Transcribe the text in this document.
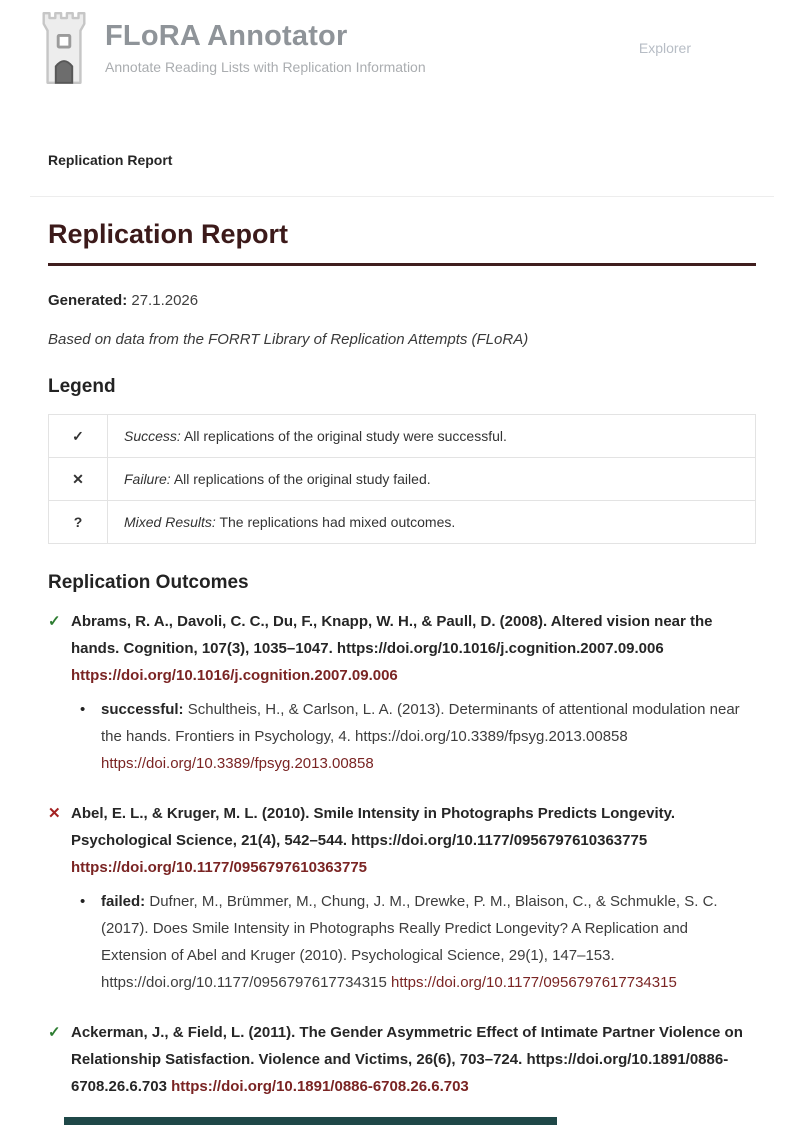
FLoRA Annotator
Annotate Reading Lists with Replication Information
Explorer
Replication Report
Replication Report

Generated: 27.1.2026

Based on data from the FORRT Library of Replication Attempts (FLoRA)

Legend
✓	Success: All replications of the original study were successful.
✕	Failure: All replications of the original study failed.
?	Mixed Results: The replications had mixed outcomes.
Replication Outcomes
✓ Abrams, R. A., Davoli, C. C., Du, F., Knapp, W. H., & Paull, D. (2008). Altered vision near the hands. Cognition, 107(3), 1035–1047. https://doi.org/10.1016/j.cognition.2007.09.006 https://doi.org/10.1016/j.cognition.2007.09.006

• successful: Schultheis, H., & Carlson, L. A. (2013). Determinants of attentional modulation near the hands. Frontiers in Psychology, 4. https://doi.org/10.3389/fpsyg.2013.00858 https://doi.org/10.3389/fpsyg.2013.00858
✕ Abel, E. L., & Kruger, M. L. (2010). Smile Intensity in Photographs Predicts Longevity. Psychological Science, 21(4), 542–544. https://doi.org/10.1177/0956797610363775 https://doi.org/10.1177/0956797610363775

• failed: Dufner, M., Brümmer, M., Chung, J. M., Drewke, P. M., Blaison, C., & Schmukle, S. C. (2017). Does Smile Intensity in Photographs Really Predict Longevity? A Replication and Extension of Abel and Kruger (2010). Psychological Science, 29(1), 147–153. https://doi.org/10.1177/0956797617734315 https://doi.org/10.1177/0956797617734315
✓ Ackerman, J., & Field, L. (2011). The Gender Asymmetric Effect of Intimate Partner Violence on Relationship Satisfaction. Violence and Victims, 26(6), 703–724. https://doi.org/10.1891/0886-6708.26.6.703 https://doi.org/10.1891/0886-6708.26.6.703
